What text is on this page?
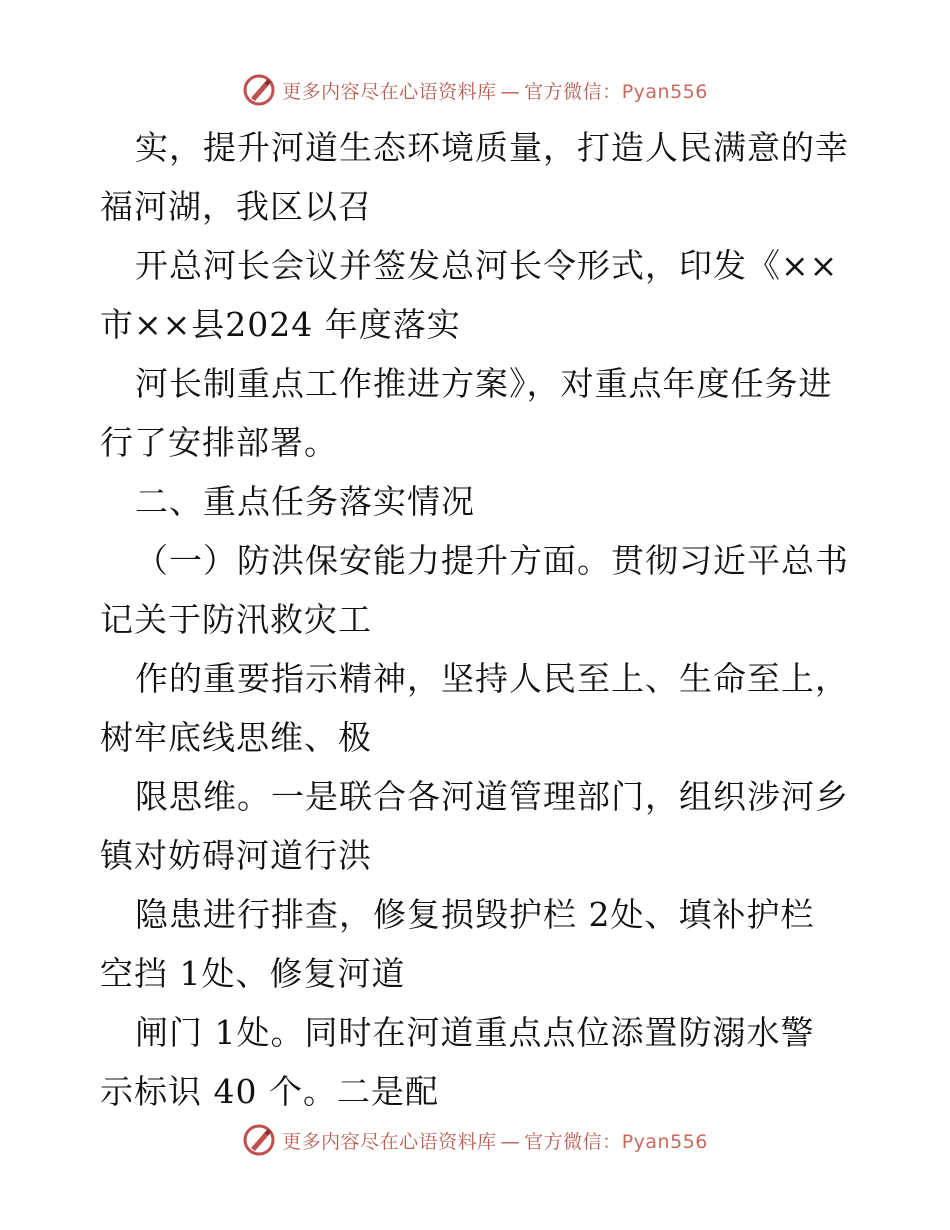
更多内容尽在心语资料库 — 官方微信：Pyan556
实，提升河道生态环境质量，打造人民满意的幸
福河湖，我区以召
开总河长会议并签发总河长令形式，印发《××
市××县2024 年度落实
河长制重点工作推进方案》，对重点年度任务进
行了安排部署。
二、重点任务落实情况
（一）防洪保安能力提升方面。贯彻习近平总书
记关于防汛救灾工
作的重要指示精神，坚持人民至上、生命至上，
树牢底线思维、极
限思维。一是联合各河道管理部门，组织涉河乡
镇对妨碍河道行洪
隐患进行排查，修复损毁护栏 2处、填补护栏
空挡 1处、修复河道
闸门 1处。同时在河道重点点位添置防溺水警
示标识 40 个。二是配
更多内容尽在心语资料库 — 官方微信：Pyan556
